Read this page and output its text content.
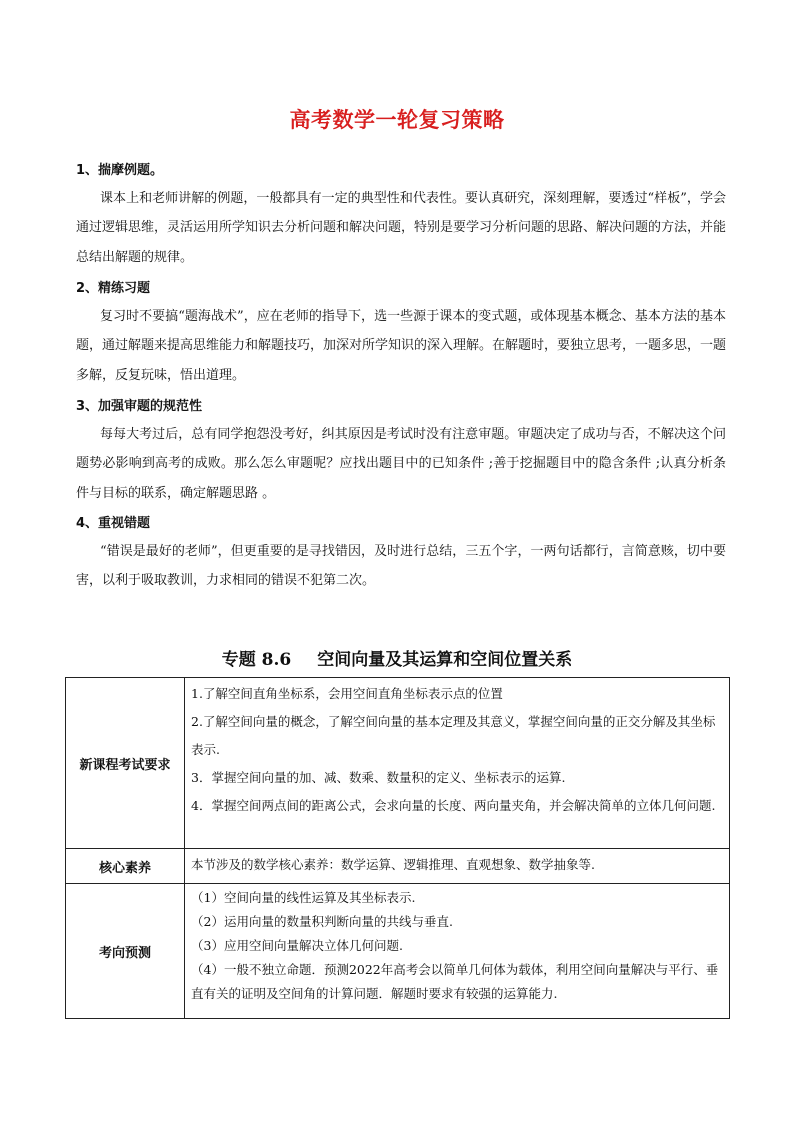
高考数学一轮复习策略
1、揣摩例题。

课本上和老师讲解的例题，一般都具有一定的典型性和代表性。要认真研究，深刻理解，要透过“样板”，学会通过逻辑思维，灵活运用所学知识去分析问题和解决问题，特别是要学习分析问题的思路、解决问题的方法，并能总结出解题的规律。

2、精练习题

复习时不要搞“题海战术”，应在老师的指导下，选一些源于课本的变式题，或体现基本概念、基本方法的基本题，通过解题来提高思维能力和解题技巧，加深对所学知识的深入理解。在解题时，要独立思考，一题多思，一题多解，反复玩味，悟出道理。

3、加强审题的规范性

每每大考过后，总有同学抱怨没考好，纠其原因是考试时没有注意审题。审题决定了成功与否，不解决这个问题势必影响到高考的成败。那么怎么审题呢？应找出题目中的已知条件 ;善于挖掘题目中的隐含条件 ;认真分析条件与目标的联系，确定解题思路 。

4、重视错题

“错误是最好的老师”，但更重要的是寻找错因，及时进行总结，三五个字，一两句话都行，言简意赅，切中要害，以利于吸取教训，力求相同的错误不犯第二次。

专题 8.6 空间向量及其运算和空间位置关系
新课程考试要求	1.了解空间直角坐标系，会用空间直角坐标表示点的位置

2.了解空间向量的概念，了解空间向量的基本定理及其意义，掌握空间向量的正交分解及其坐标表示.

3．掌握空间向量的加、减、数乘、数量积的定义、坐标表示的运算.

4．掌握空间两点间的距离公式，会求向量的长度、两向量夹角，并会解决简单的立体几何问题.

核心素养	本节涉及的数学核心素养：数学运算、逻辑推理、直观想象、数学抽象等.

考向预测	（1）空间向量的线性运算及其坐标表示.

（2）运用向量的数量积判断向量的共线与垂直.

（3）应用空间向量解决立体几何问题.

（4）一般不独立命题．预测2022年高考会以简单几何体为载体，利用空间向量解决与平行、垂直有关的证明及空间角的计算问题．解题时要求有较强的运算能力.
